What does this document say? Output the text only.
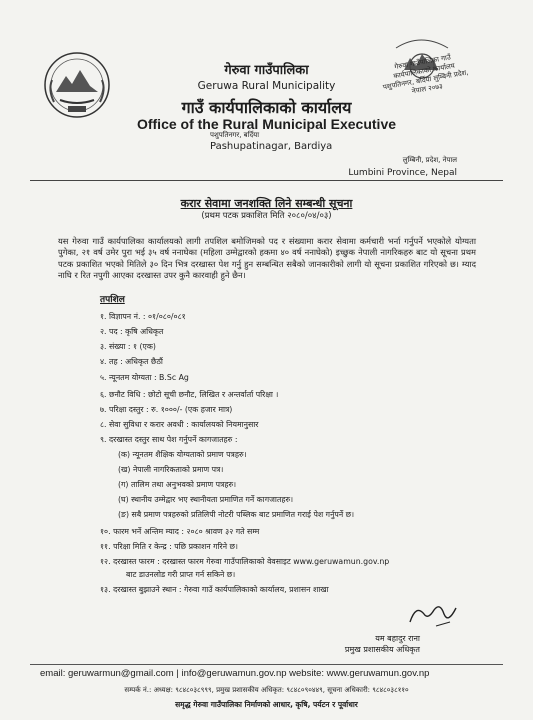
गेरुवा गाउँपालिका गाउँ कार्यपालिकाको कार्यालय पशुपतिनगर, बर्दिया लुम्बिनी प्रदेश, नेपाल २०७३
गेरुवा गाउँपालिका
Geruwa Rural Municipality
गाउँ कार्यपालिकाको कार्यालय
Office of the Rural Municipal Executive
पशुपतिनगर, बर्दिया
Pashupatinagar, Bardiya
लुम्बिनी, प्रदेश, नेपाल
Lumbini Province, Nepal
करार सेवामा जनशक्ति लिने सम्बन्धी सूचना
(प्रथम पटक प्रकाशित मिति २०८०/०४/०३)
यस गेरुवा गाउँ कार्यपालिका कार्यालयको लागी तपशिल बमोजिमको पद र संख्यामा करार सेवामा कर्मचारी भर्ना गर्नुपर्ने भएकोले योग्यता पुगेका, २१ वर्ष उमेर पुरा भई ३५ वर्ष ननाघेका (महिला उम्मेद्वारको हकमा ४० वर्ष ननाघेको) इच्छुक नेपाली नागरिकहरु बाट यो सूचना प्रथम पटक प्रकाशित भएको मितिले ३० दिन भित्र दरखास्त पेश गर्नु हुन सम्बन्धित सबैको जानकारीको लागी यो सूचना प्रकाशित गरिएको छ। म्याद नाघि र रित नपुगी आएका दरखास्त उपर कुनै कारवाही हुने छैन।
तपशिल
१. विज्ञापन नं. : ०१/०८०/०८१
२. पद : कृषि अधिकृत
३. संख्या : १ (एक)
४. तह : अधिकृत छैठौं
५. न्यूनतम योग्यता : B.Sc Ag
६. छनौट विधि : छोटो सूची छनौट, लिखित र अन्तर्वार्ता परिक्षा ।
७. परिक्षा दस्तुर : रु. १०००/- (एक हजार मात्र)
८. सेवा सुविधा र करार अवधी : कार्यालयको नियमानुसार
९. दरखास्त दस्तुर साथ पेश गर्नुपर्ने कागजातहरु :
(क) न्यूनतम शैक्षिक योग्यताको प्रमाण पत्रहरु।
(ख) नेपाली नागरिकताको प्रमाण पत्र।
(ग) तालिम तथा अनुभवको प्रमाण पत्रहरु।
(घ) स्थानीय उम्मेद्वार भए स्थानीयता प्रमाणित गर्ने कागजातहरु।
(ङ) सबै प्रमाण पत्रहरुको प्रतिलिपी नोटरी पब्लिक बाट प्रमाणित गराई पेश गर्नुपर्ने छ।
१०. फारम भर्ने अन्तिम म्याद : २०८० श्रावण ३२ गते सम्म
११. परिक्षा मिति र केन्द्र : पछि प्रकाशन गरिने छ।
१२. दरखास्त फारम : दरखास्त फारम गेरुवा गाउँपालिकाको वेवसाइट www.geruwamun.gov.np
बाट डाउनलोड गरी प्राप्त गर्न सकिने छ।
१३. दरखास्त बुझाउने स्थान : गेरुवा गाउँ कार्यपालिकाको कार्यालय, प्रशासन शाखा
यम बहादुर राना
प्रमुख प्रशासकीय अधिकृत
email: geruwarmun@gmail.com | info@geruwamun.gov.np website: www.geruwamun.gov.np
सम्पर्क नं.: अध्यक्ष: ९८४८०३८९९९, प्रमुख प्रशासकीय अधिकृत: ९८४८०९०४४९, सूचना अधिकारी: ९८४८०३८११०
समृद्ध गेरुवा गाउँपालिका निर्माणको आधार, कृषि, पर्यटन र पूर्वाधार
